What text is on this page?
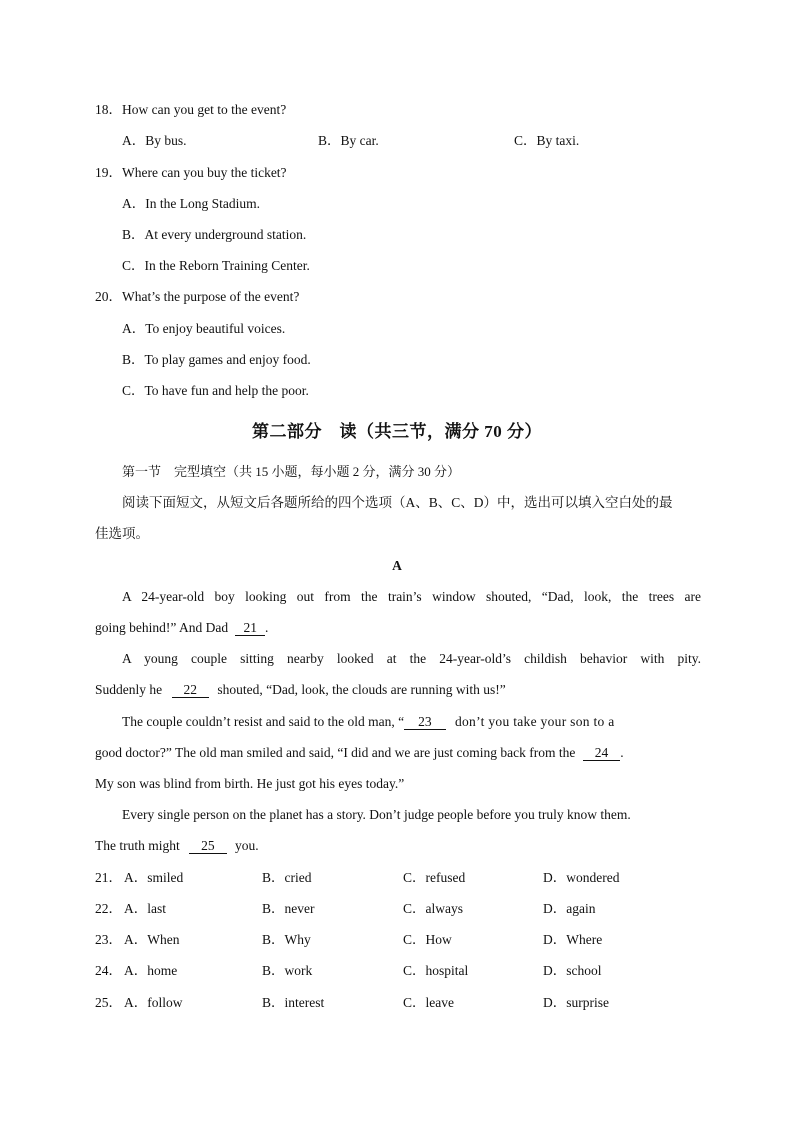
18．How can you get to the event?
A．By bus.	B．By car.	C．By taxi.
19．Where can you buy the ticket?
A．In the Long Stadium.
B．At every underground station.
C．In the Reborn Training Center.
20．What’s the purpose of the event?
A．To enjoy beautiful voices.
B．To play games and enjoy food.
C．To have fun and help the poor.
第二部分　读（共三节，满分 70 分）
第一节　完型填空（共 15 小题，每小题 2 分，满分 30 分）
阅读下面短文，从短文后各题所给的四个选项（A、B、C、D）中，选出可以填入空白处的最
佳选项。
A
A 24-year-old boy looking out from the train’s window shouted, “Dad, look, the trees are
going behind!” And Dad 21 .
A young couple sitting nearby looked at the 24-year-old’s childish behavior with pity.
Suddenly he 22 shouted, “Dad, look, the clouds are running with us!”
The couple couldn’t resist and said to the old man, “ 23 don’t you take your son to a
good doctor?” The old man smiled and said, “I did and we are just coming back from the 24 .
My son was blind from birth. He just got his eyes today.”
Every single person on the planet has a story. Don’t judge people before you truly know them.
The truth might 25 you.
21． A．smiled	B．cried	C．refused	D．wondered
22． A．last	B．never	C．always	D．again
23． A．When	B．Why	C．How	D．Where
24． A．home	B．work	C．hospital	D．school
25． A．follow	B．interest	C．leave	D．surprise
